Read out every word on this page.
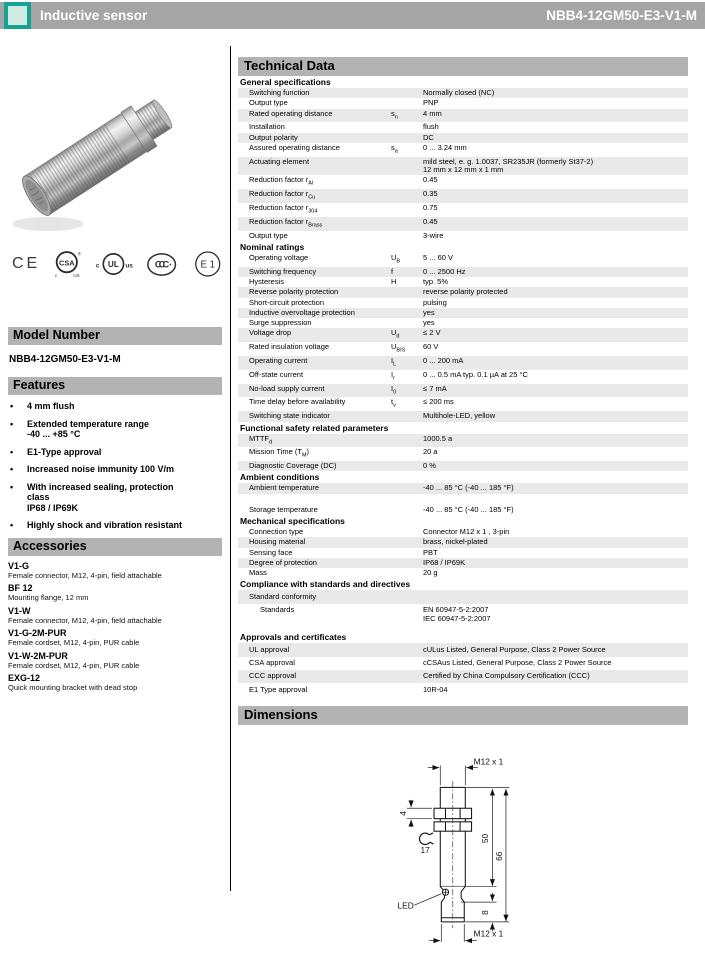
Inductive sensor	NBB4-12GM50-E3-V1-M
CE CSA
®
c	US
c UL us CCC	E 1
Model Number
NBB4-12GM50-E3-V1-M
Features
•	4 mm flush
•	Extended temperature range
-40 ... +85 °C
•	E1-Type approval
•	Increased noise immunity 100 V/m
•	With increased sealing, protection
class
IP68 / IP69K
•	Highly shock and vibration resistant
Accessories
V1-G
Female connector, M12, 4-pin, field attachable
BF 12
Mounting flange, 12 mm
V1-W
Female connector, M12, 4-pin, field attachable
V1-G-2M-PUR
Female cordset, M12, 4-pin, PUR cable
V1-W-2M-PUR
Female cordset, M12, 4-pin, PUR cable
EXG-12
Quick mounting bracket with dead stop
Technical Data
General specifications
Switching function	Normally closed (NC)
Output type	PNP
Rated operating distance	$s_n$	4 mm
Installation	flush
Output polarity	DC
Assured operating distance	$s_a$	0 ... 3.24 mm
Actuating element	mild steel, e. g. 1.0037, SR235JR (formerly St37-2)
12 mm x 12 mm x 1 mm
Reduction factor $r_{Al}$	0.45
Reduction factor $r_{Cu}$	0.35
Reduction factor $r_{304}$	0.75
Reduction factor $r_{Brass}$	0.45
Output type	3-wire
Nominal ratings
Operating voltage	$U_B$	5 ... 60 V
Switching frequency	f	0 ... 2500 Hz
Hysteresis	H	typ. 5%
Reverse polarity protection	reverse polarity protected
Short-circuit protection	pulsing
Inductive overvoltage protection	yes
Surge suppression	yes
Voltage drop	$U_d$	≤ 2 V
Rated insulation voltage	$U_{BIS}$	60 V
Operating current	$I_L$	0 ... 200 mA
Off-state current	$I_r$	0 ... 0.5 mA typ. 0.1 µA at 25 °C
No-load supply current	$I_0$	≤ 7 mA
Time delay before availability	$t_v$	≤ 200 ms
Switching state indicator	Multihole-LED, yellow
Functional safety related parameters
$MTTF_d$	1000.5 a
Mission Time $(T_M)$	20 a
Diagnostic Coverage (DC)	0 %
Ambient conditions
Ambient temperature	-40 ... 85 °C (-40 ... 185 °F)
Storage temperature	-40 ... 85 °C (-40 ... 185 °F)
Mechanical specifications
Connection type	Connector M12 x 1 , 3-pin
Housing material	brass, nickel-plated
Sensing face	PBT
Degree of protection	IP68 / IP69K
Mass	20 g
Compliance with standards and directives
Standard conformity

Standards	EN 60947-5-2:2007
IEC 60947-5-2:2007
Approvals and certificates
UL approval	cULus Listed, General Purpose, Class 2 Power Source
CSA approval	cCSAus Listed, General Purpose, Class 2 Power Source
CCC approval	Certified by China Compulsory Certification (CCC)
E1 Type approval	10R-04
Dimensions
M12 x 1
M12 x 1
4
17
50
66
8
LED
